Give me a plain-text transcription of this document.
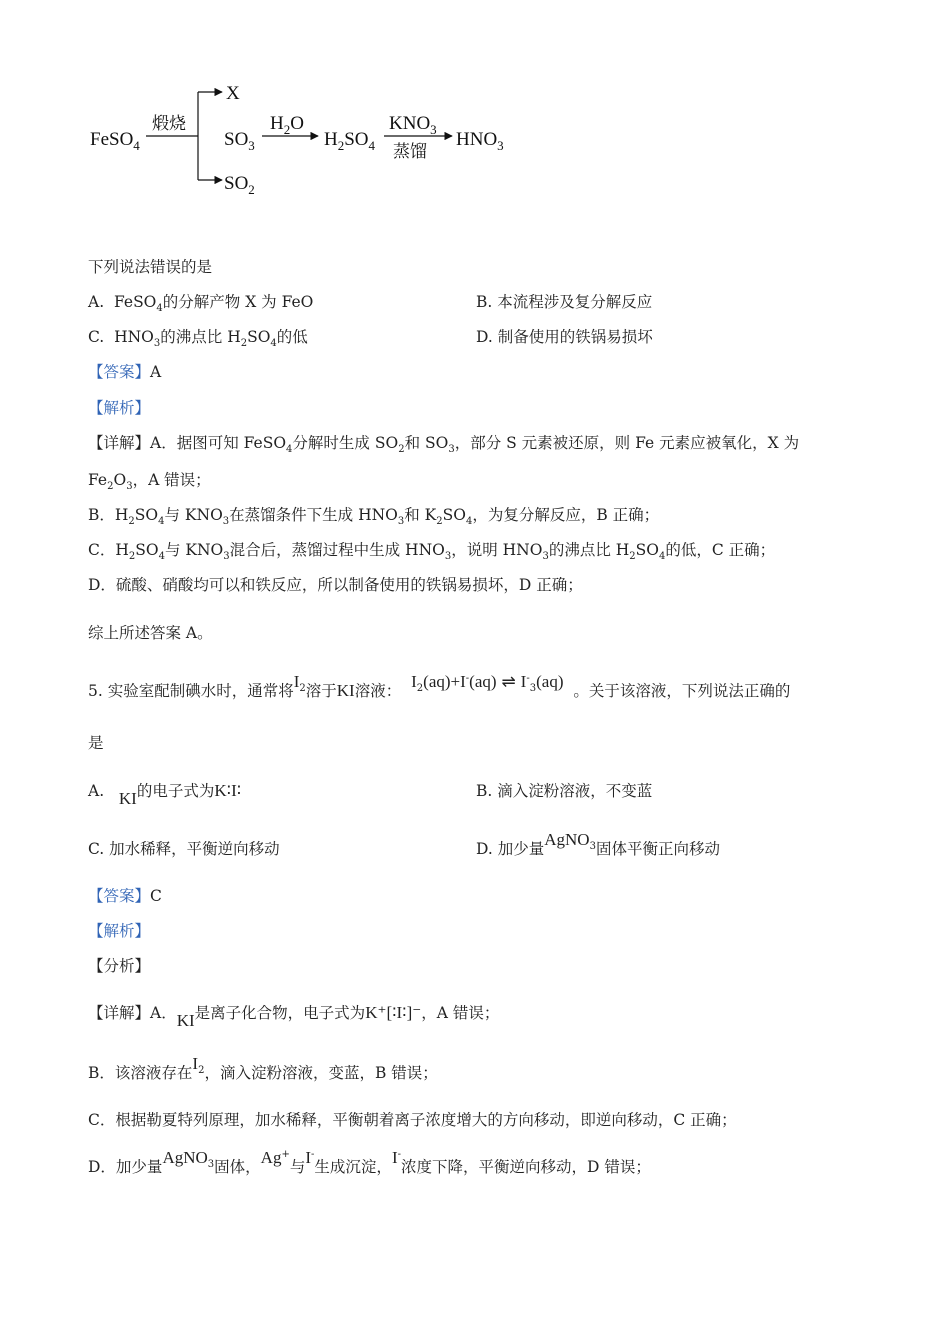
FeSO$_4$
煅烧
X
$SO_3$
$SO_2$
$H_2O$
$H_2SO_4$
$KNO_3$
蒸馏
$HNO_3$
下列说法错误的是
A. FeSO$_4$的分解产物 X 为 FeO	B. 本流程涉及复分解反应
C. $HNO_3$的沸点比 $H_2SO_4$的低	D. 制备使用的铁锅易损坏
【答案】A
【解析】
【详解】A．据图可知 FeSO$_4$分解时生成 $SO_2$和 $SO_3$，部分 S 元素被还原，则 Fe 元素应被氧化，X 为
$Fe_2O_3$，A 错误；
B．$H_2SO_4$与 $KNO_3$在蒸馏条件下生成 $HNO_3$和 $K_2SO_4$，为复分解反应，B 正确；
C．$H_2SO_4$与 $KNO_3$混合后，蒸馏过程中生成 $HNO_3$，说明 $HNO_3$的沸点比 $H_2SO_4$的低，C 正确；
D．硫酸、硝酸均可以和铁反应，所以制备使用的铁锅易损坏，D 正确；
综上所述答案 A。
5. 实验室配制碘水时，通常将$I_2$溶于KI溶液： $I_2(aq)+I^-(aq)$ ⇌ $I^-_3(aq)$ 。关于该溶液，下列说法正确的
是
A. KI的电子式为K∶I∶	B. 滴入淀粉溶液，不变蓝
C. 加水稀释，平衡逆向移动	D. 加少量AgNO$_3$固体平衡正向移动
【答案】C
【解析】
【分析】
【详解】A．KI是离子化合物，电子式为K⁺[∶I∶]⁻，A 错误；
B．该溶液存在$I_2$，滴入淀粉溶液，变蓝，B 错误；
C．根据勒夏特列原理，加水稀释，平衡朝着离子浓度增大的方向移动，即逆向移动，C 正确；
D．加少量AgNO$_3$固体，Ag+与I-生成沉淀，I-浓度下降，平衡逆向移动，D 错误；
